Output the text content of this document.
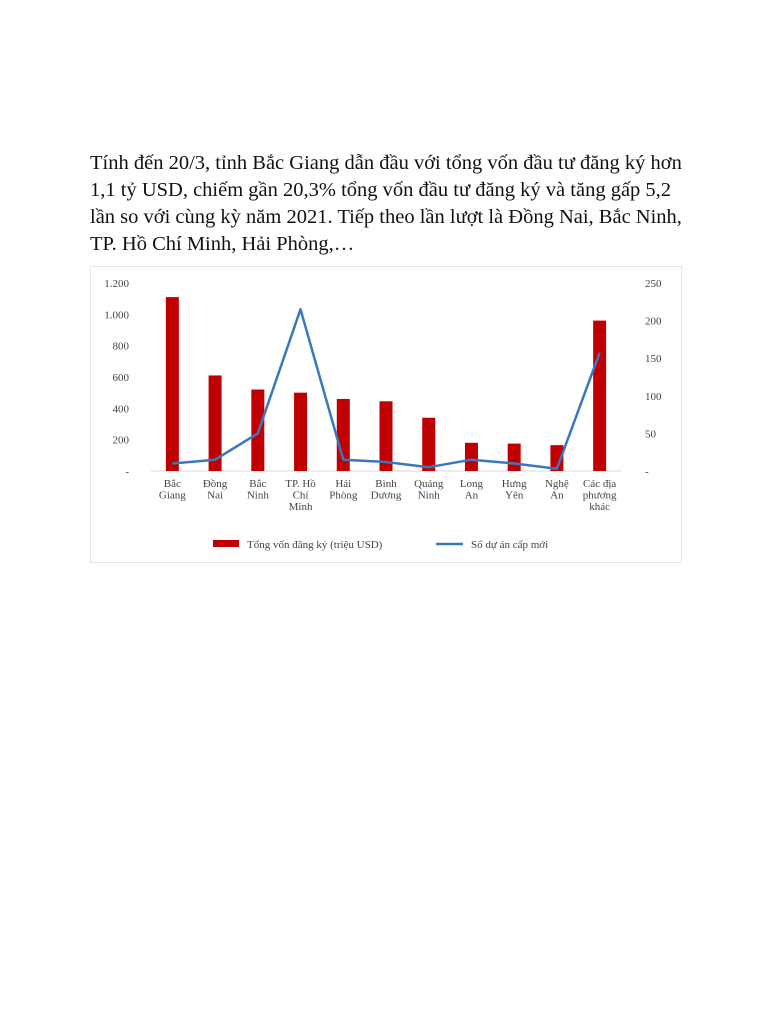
Tính đến 20/3, tỉnh Bắc Giang dẫn đầu với tổng vốn đầu tư đăng ký hơn 1,1 tỷ USD, chiếm gần 20,3% tổng vốn đầu tư đăng ký và tăng gấp 5,2 lần so với cùng kỳ năm 2021. Tiếp theo lần lượt là Đồng Nai, Bắc Ninh, TP. Hồ Chí Minh, Hải Phòng,…

-
200
400
600
800
1.000
1.200
-
50
100
150
200
250
Bắc
Giang
Đồng
Nai
Bắc
Ninh
TP. Hồ
Chí
Minh
Hải
Phòng
Bình
Dương
Quảng
Ninh
Long
An
Hưng
Yên
Nghệ
An
Các địa
phương
khác
Tổng vốn đăng ký (triệu USD)	Số dự án cấp mới
